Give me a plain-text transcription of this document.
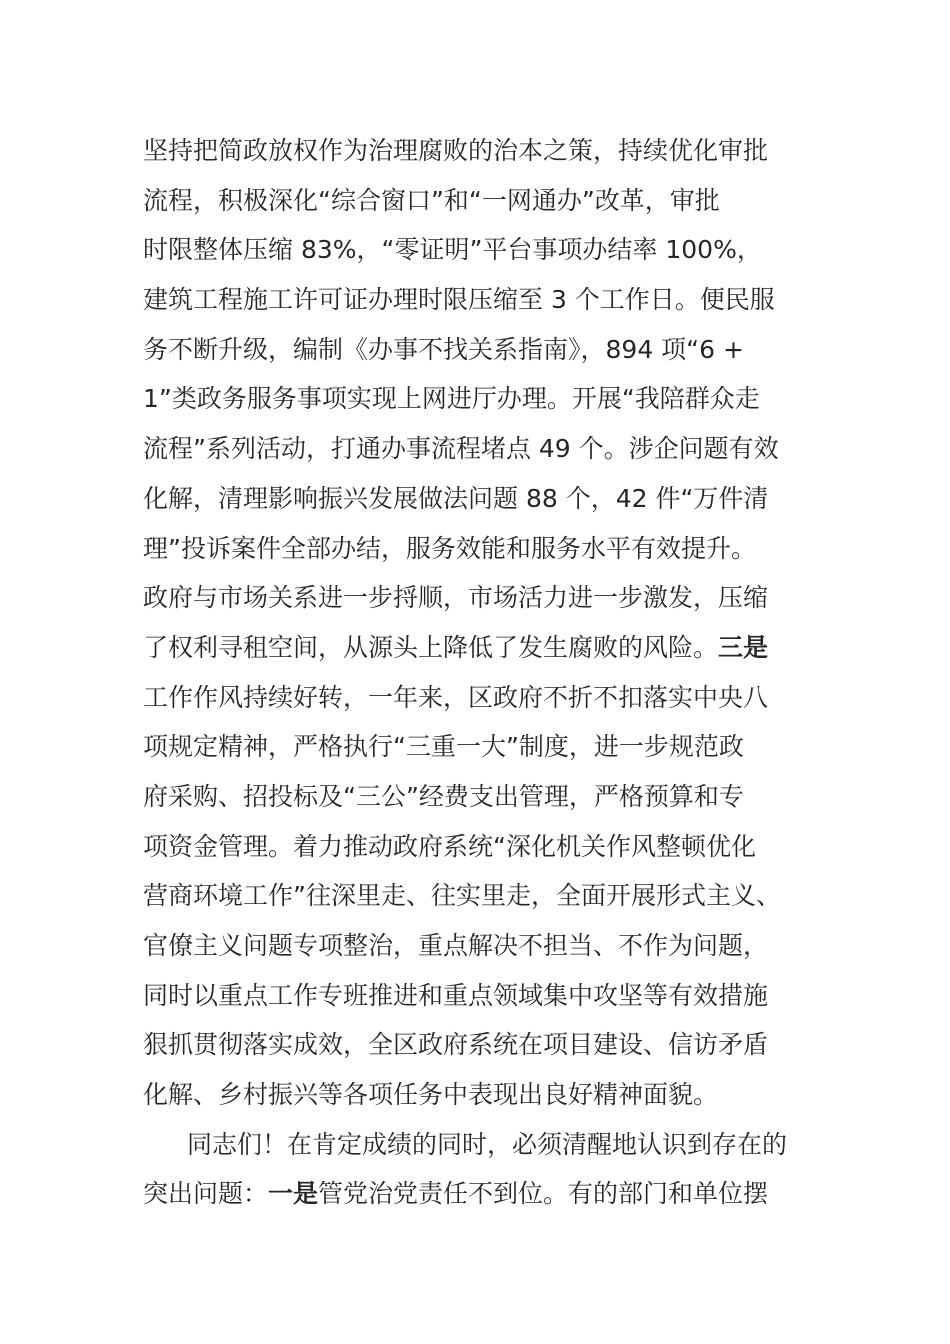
坚持把简政放权作为治理腐败的治本之策，持续优化审批
流程，积极深化“综合窗口”和“一网通办”改革，审批
时限整体压缩 83%，“零证明”平台事项办结率 100%，
建筑工程施工许可证办理时限压缩至 3 个工作日。便民服
务不断升级，编制《办事不找关系指南》，894 项“6 +
1”类政务服务事项实现上网进厅办理。开展“我陪群众走
流程”系列活动，打通办事流程堵点 49 个。涉企问题有效
化解，清理影响振兴发展做法问题 88 个，42 件“万件清
理”投诉案件全部办结，服务效能和服务水平有效提升。
政府与市场关系进一步捋顺，市场活力进一步激发，压缩
了权利寻租空间，从源头上降低了发生腐败的风险。三是
工作作风持续好转，一年来，区政府不折不扣落实中央八
项规定精神，严格执行“三重一大”制度，进一步规范政
府采购、招投标及“三公”经费支出管理，严格预算和专
项资金管理。着力推动政府系统“深化机关作风整顿优化
营商环境工作”往深里走、往实里走，全面开展形式主义、
官僚主义问题专项整治，重点解决不担当、不作为问题，
同时以重点工作专班推进和重点领域集中攻坚等有效措施
狠抓贯彻落实成效，全区政府系统在项目建设、信访矛盾
化解、乡村振兴等各项任务中表现出良好精神面貌。
同志们！在肯定成绩的同时，必须清醒地认识到存在的
突出问题：一是管党治党责任不到位。有的部门和单位摆
